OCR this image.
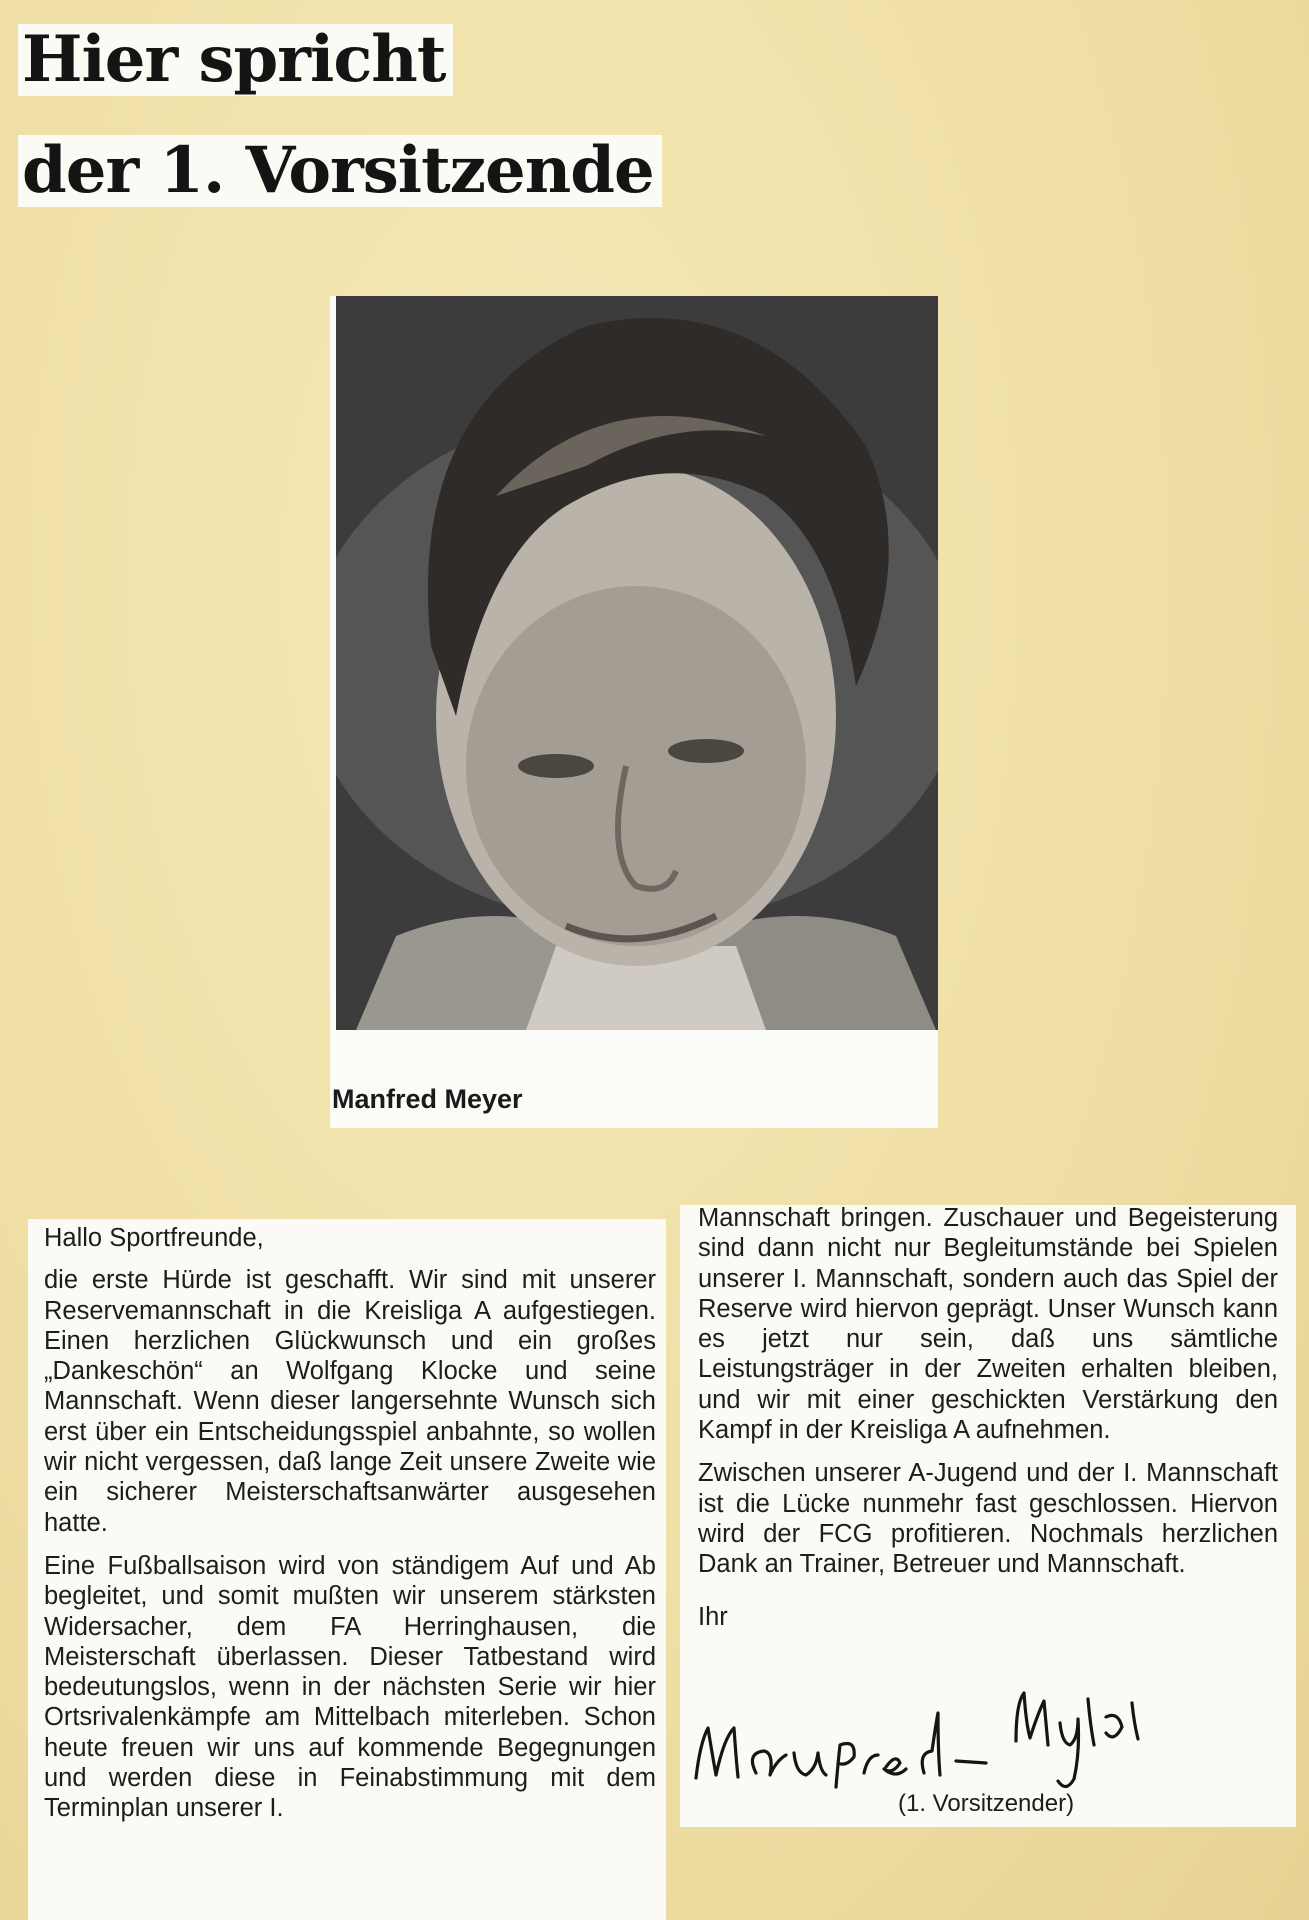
Hier spricht
der 1. Vorsitzende
Manfred Meyer

Hallo Sportfreunde,

die erste Hürde ist geschafft. Wir sind mit unserer Reservemannschaft in die Kreisliga A aufgestiegen. Einen herzlichen Glückwunsch und ein großes „Dankeschön“ an Wolfgang Klocke und seine Mannschaft. Wenn dieser langersehnte Wunsch sich erst über ein Entscheidungsspiel anbahnte, so wollen wir nicht vergessen, daß lange Zeit unsere Zweite wie ein sicherer Meisterschaftsanwärter ausgesehen hatte.

Eine Fußballsaison wird von ständigem Auf und Ab begleitet, und somit mußten wir unserem stärksten Widersacher, dem FA Herringhausen, die Meisterschaft überlassen. Dieser Tatbestand wird bedeutungslos, wenn in der nächsten Serie wir hier Ortsrivalenkämpfe am Mittelbach miterleben. Schon heute freuen wir uns auf kommende Begegnungen und werden diese in Feinabstimmung mit dem Terminplan unserer I.

Mannschaft bringen. Zuschauer und Begeisterung sind dann nicht nur Begleitumstände bei Spielen unserer I. Mannschaft, sondern auch das Spiel der Reserve wird hiervon geprägt. Unser Wunsch kann es jetzt nur sein, daß uns sämtliche Leistungsträger in der Zweiten erhalten bleiben, und wir mit einer geschickten Verstärkung den Kampf in der Kreisliga A aufnehmen.

Zwischen unserer A-Jugend und der I. Mannschaft ist die Lücke nunmehr fast geschlossen. Hiervon wird der FCG profitieren. Nochmals herzlichen Dank an Trainer, Betreuer und Mannschaft.

Ihr

(1. Vorsitzender)
